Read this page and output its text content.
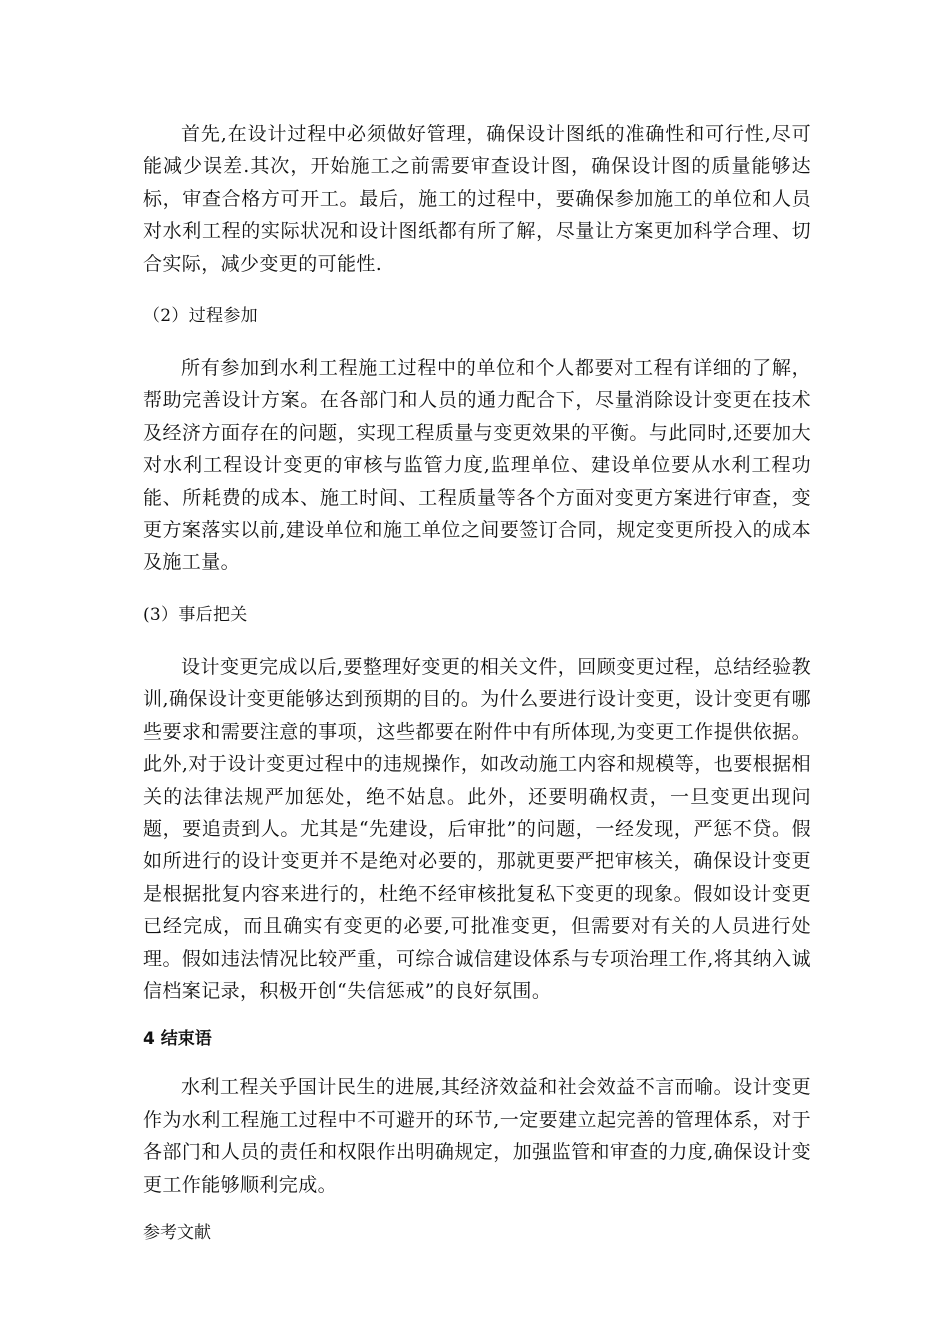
首先,在设计过程中必须做好管理，确保设计图纸的准确性和可行性,尽可能减少误差.其次，开始施工之前需要审查设计图，确保设计图的质量能够达标，审查合格方可开工。最后，施工的过程中，要确保参加施工的单位和人员对水利工程的实际状况和设计图纸都有所了解，尽量让方案更加科学合理、切合实际，减少变更的可能性.

（2）过程参加

所有参加到水利工程施工过程中的单位和个人都要对工程有详细的了解，帮助完善设计方案。在各部门和人员的通力配合下，尽量消除设计变更在技术及经济方面存在的问题，实现工程质量与变更效果的平衡。与此同时,还要加大对水利工程设计变更的审核与监管力度,监理单位、建设单位要从水利工程功能、所耗费的成本、施工时间、工程质量等各个方面对变更方案进行审查，变更方案落实以前,建设单位和施工单位之间要签订合同，规定变更所投入的成本及施工量。

(3）事后把关

设计变更完成以后,要整理好变更的相关文件，回顾变更过程，总结经验教训,确保设计变更能够达到预期的目的。为什么要进行设计变更，设计变更有哪些要求和需要注意的事项，这些都要在附件中有所体现,为变更工作提供依据。此外,对于设计变更过程中的违规操作，如改动施工内容和规模等，也要根据相关的法律法规严加惩处，绝不姑息。此外，还要明确权责，一旦变更出现问题，要追责到人。尤其是“先建设，后审批”的问题，一经发现，严惩不贷。假如所进行的设计变更并不是绝对必要的，那就更要严把审核关，确保设计变更是根据批复内容来进行的，杜绝不经审核批复私下变更的现象。假如设计变更已经完成，而且确实有变更的必要,可批准变更，但需要对有关的人员进行处理。假如违法情况比较严重，可综合诚信建设体系与专项治理工作,将其纳入诚信档案记录，积极开创“失信惩戒”的良好氛围。

4 结束语

水利工程关乎国计民生的进展,其经济效益和社会效益不言而喻。设计变更作为水利工程施工过程中不可避开的环节,一定要建立起完善的管理体系，对于各部门和人员的责任和权限作出明确规定，加强监管和审查的力度,确保设计变更工作能够顺利完成。

参考文献
